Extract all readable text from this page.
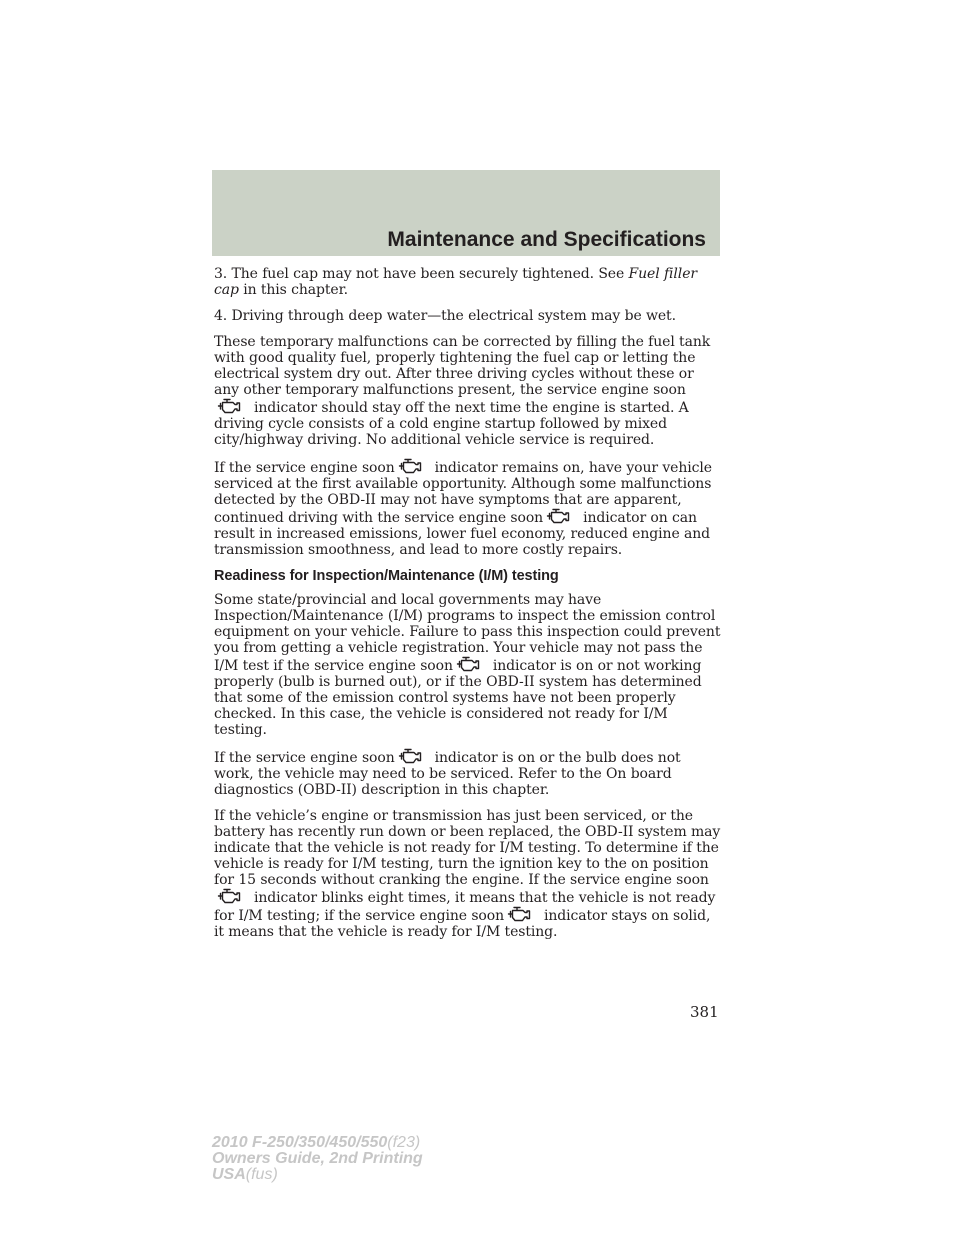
Maintenance and Specifications

3. The fuel cap may not have been securely tightened. See Fuel filler cap in this chapter.

4. Driving through deep water—the electrical system may be wet.

These temporary malfunctions can be corrected by filling the fuel tank with good quality fuel, properly tightening the fuel cap or letting the electrical system dry out. After three driving cycles without these or any other temporary malfunctions present, the service engine soon
indicator should stay off the next time the engine is started. A driving cycle consists of a cold engine startup followed by mixed city/highway driving. No additional vehicle service is required.

If the service engine soon	indicator remains on, have your vehicle serviced at the first available opportunity. Although some malfunctions detected by the OBD-II may not have symptoms that are apparent, continued driving with the service engine soon	indicator on can result in increased emissions, lower fuel economy, reduced engine and transmission smoothness, and lead to more costly repairs.

Readiness for Inspection/Maintenance (I/M) testing

Some state/provincial and local governments may have Inspection/Maintenance (I/M) programs to inspect the emission control equipment on your vehicle. Failure to pass this inspection could prevent you from getting a vehicle registration. Your vehicle may not pass the I/M test if the service engine soon	indicator is on or not working properly (bulb is burned out), or if the OBD-II system has determined that some of the emission control systems have not been properly checked. In this case, the vehicle is considered not ready for I/M testing.

If the service engine soon	indicator is on or the bulb does not work, the vehicle may need to be serviced. Refer to the On board diagnostics (OBD-II) description in this chapter.

If the vehicle’s engine or transmission has just been serviced, or the battery has recently run down or been replaced, the OBD-II system may indicate that the vehicle is not ready for I/M testing. To determine if the vehicle is ready for I/M testing, turn the ignition key to the on position for 15 seconds without cranking the engine. If the service engine soon
indicator blinks eight times, it means that the vehicle is not ready for I/M testing; if the service engine soon	indicator stays on solid, it means that the vehicle is ready for I/M testing.

381
2010 F-250/350/450/550(f23)
Owners Guide, 2nd Printing
USA(fus)
